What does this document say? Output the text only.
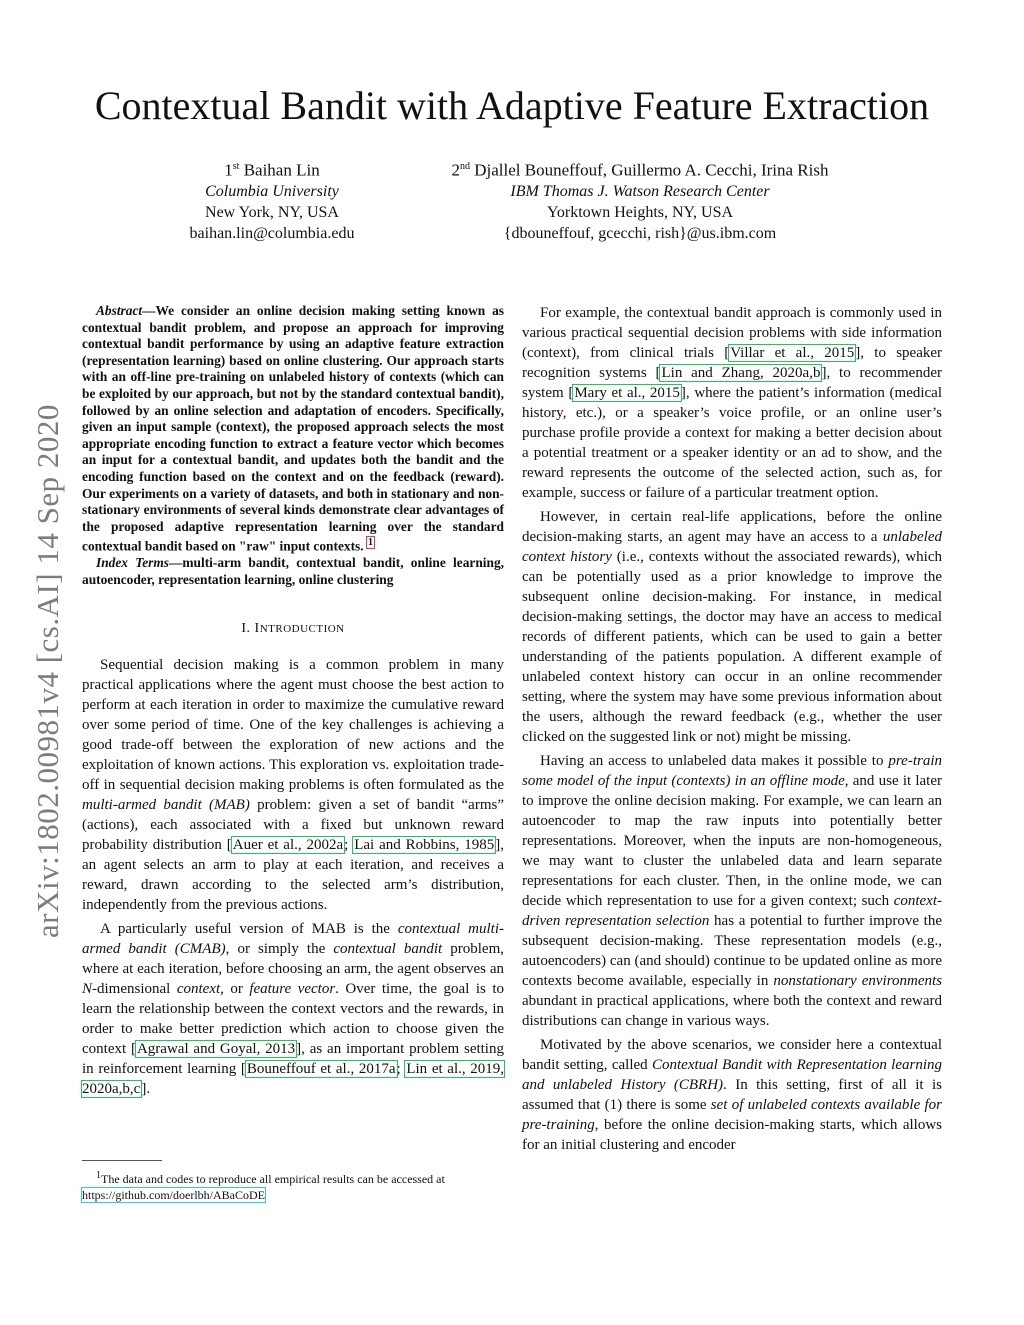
arXiv:1802.00981v4 [cs.AI] 14 Sep 2020
Contextual Bandit with Adaptive Feature Extraction
1st Baihan Lin
Columbia University
New York, NY, USA
baihan.lin@columbia.edu
2nd Djallel Bouneffouf, Guillermo A. Cecchi, Irina Rish
IBM Thomas J. Watson Research Center
Yorktown Heights, NY, USA
{dbouneffouf, gcecchi, rish}@us.ibm.com

Abstract—We consider an online decision making setting known as contextual bandit problem, and propose an approach for improving contextual bandit performance by using an adaptive feature extraction (representation learning) based on online clustering. Our approach starts with an off-line pre-training on unlabeled history of contexts (which can be exploited by our approach, but not by the standard contextual bandit), followed by an online selection and adaptation of encoders. Specifically, given an input sample (context), the proposed approach selects the most appropriate encoding function to extract a feature vector which becomes an input for a contextual bandit, and updates both the bandit and the encoding function based on the context and on the feedback (reward). Our experiments on a variety of datasets, and both in stationary and non-stationary environments of several kinds demonstrate clear advantages of the proposed adaptive representation learning over the standard contextual bandit based on "raw" input contexts. $^1$

Index Terms—multi-arm bandit, contextual bandit, online learning, autoencoder, representation learning, online clustering

I. INTRODUCTION

Sequential decision making is a common problem in many practical applications where the agent must choose the best action to perform at each iteration in order to maximize the cumulative reward over some period of time. One of the key challenges is achieving a good trade-off between the exploration of new actions and the exploitation of known actions. This exploration vs. exploitation trade-off in sequential decision making problems is often formulated as the multi-armed bandit (MAB) problem: given a set of bandit “arms” (actions), each associated with a fixed but unknown reward probability distribution [Auer et al., 2002a; Lai and Robbins, 1985], an agent selects an arm to play at each iteration, and receives a reward, drawn according to the selected arm’s distribution, independently from the previous actions.

A particularly useful version of MAB is the contextual multi-armed bandit (CMAB), or simply the contextual bandit problem, where at each iteration, before choosing an arm, the agent observes an N-dimensional context, or feature vector. Over time, the goal is to learn the relationship between the context vectors and the rewards, in order to make better prediction which action to choose given the context [Agrawal and Goyal, 2013], as an important problem setting in reinforcement learning [Bouneffouf et al., 2017a; Lin et al., 2019, 2020a,b,c].

$^1$The data and codes to reproduce all empirical results can be accessed at https://github.com/doerlbh/ABaCoDE

For example, the contextual bandit approach is commonly used in various practical sequential decision problems with side information (context), from clinical trials [Villar et al., 2015], to speaker recognition systems [Lin and Zhang, 2020a,b], to recommender system [Mary et al., 2015], where the patient’s information (medical history, etc.), or a speaker’s voice profile, or an online user’s purchase profile provide a context for making a better decision about a potential treatment or a speaker identity or an ad to show, and the reward represents the outcome of the selected action, such as, for example, success or failure of a particular treatment option.

However, in certain real-life applications, before the online decision-making starts, an agent may have an access to a unlabeled context history (i.e., contexts without the associated rewards), which can be potentially used as a prior knowledge to improve the subsequent online decision-making. For instance, in medical decision-making settings, the doctor may have an access to medical records of different patients, which can be used to gain a better understanding of the patients population. A different example of unlabeled context history can occur in an online recommender setting, where the system may have some previous information about the users, although the reward feedback (e.g., whether the user clicked on the suggested link or not) might be missing.

Having an access to unlabeled data makes it possible to pre-train some model of the input (contexts) in an offline mode, and use it later to improve the online decision making. For example, we can learn an autoencoder to map the raw inputs into potentially better representations. Moreover, when the inputs are non-homogeneous, we may want to cluster the unlabeled data and learn separate representations for each cluster. Then, in the online mode, we can decide which representation to use for a given context; such context-driven representation selection has a potential to further improve the subsequent decision-making. These representation models (e.g., autoencoders) can (and should) continue to be updated online as more contexts become available, especially in nonstationary environments abundant in practical applications, where both the context and reward distributions can change in various ways.

Motivated by the above scenarios, we consider here a contextual bandit setting, called Contextual Bandit with Representation learning and unlabeled History (CBRH). In this setting, first of all it is assumed that (1) there is some set of unlabeled contexts available for pre-training, before the online decision-making starts, which allows for an initial clustering and encoder
